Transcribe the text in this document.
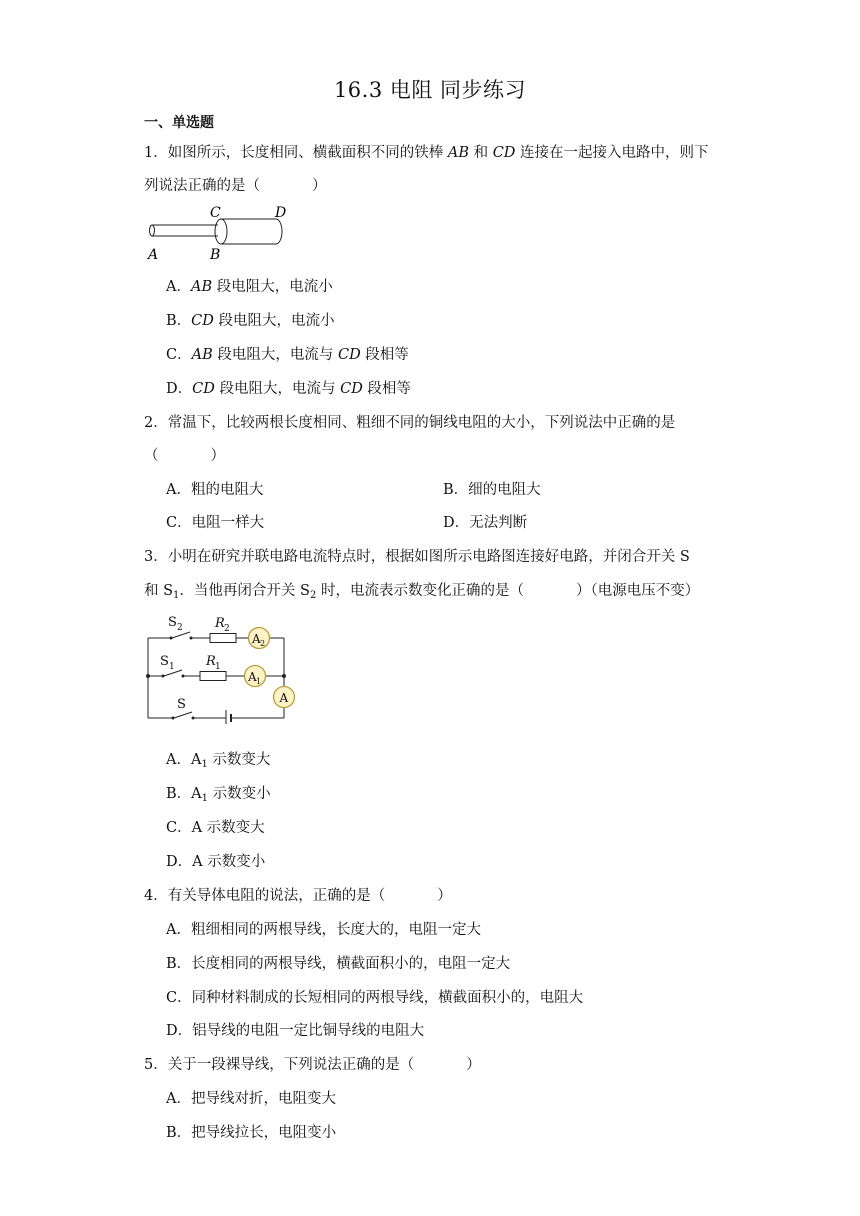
16.3 电阻 同步练习
一、单选题
1．如图所示，长度相同、横截面积不同的铁棒 AB 和 CD 连接在一起接入电路中，则下
列说法正确的是（	）
C	D
A	B
A．AB 段电阻大，电流小
B．CD 段电阻大，电流小
C．AB 段电阻大，电流与 CD 段相等
D．CD 段电阻大，电流与 CD 段相等
2．常温下，比较两根长度相同、粗细不同的铜线电阻的大小，下列说法中正确的是
（	）
A．粗的电阻大	B．细的电阻大
C．电阻一样大	D．无法判断
3．小明在研究并联电路电流特点时，根据如图所示电路图连接好电路，并闭合开关 S
和 $S_1$．当他再闭合开关 $S_2$ 时，电流表示数变化正确的是（	）（电源电压不变）
S 2 R 2
S 1 R 1
S
A 2
A 1
A
A．$A_1$ 示数变大
B．$A_1$ 示数变小
C．A 示数变大
D．A 示数变小
4．有关导体电阻的说法，正确的是（	）
A．粗细相同的两根导线，长度大的，电阻一定大
B．长度相同的两根导线，横截面积小的，电阻一定大
C．同种材料制成的长短相同的两根导线，横截面积小的，电阻大
D．铝导线的电阻一定比铜导线的电阻大
5．关于一段裸导线，下列说法正确的是（	）
A．把导线对折，电阻变大
B．把导线拉长，电阻变小
